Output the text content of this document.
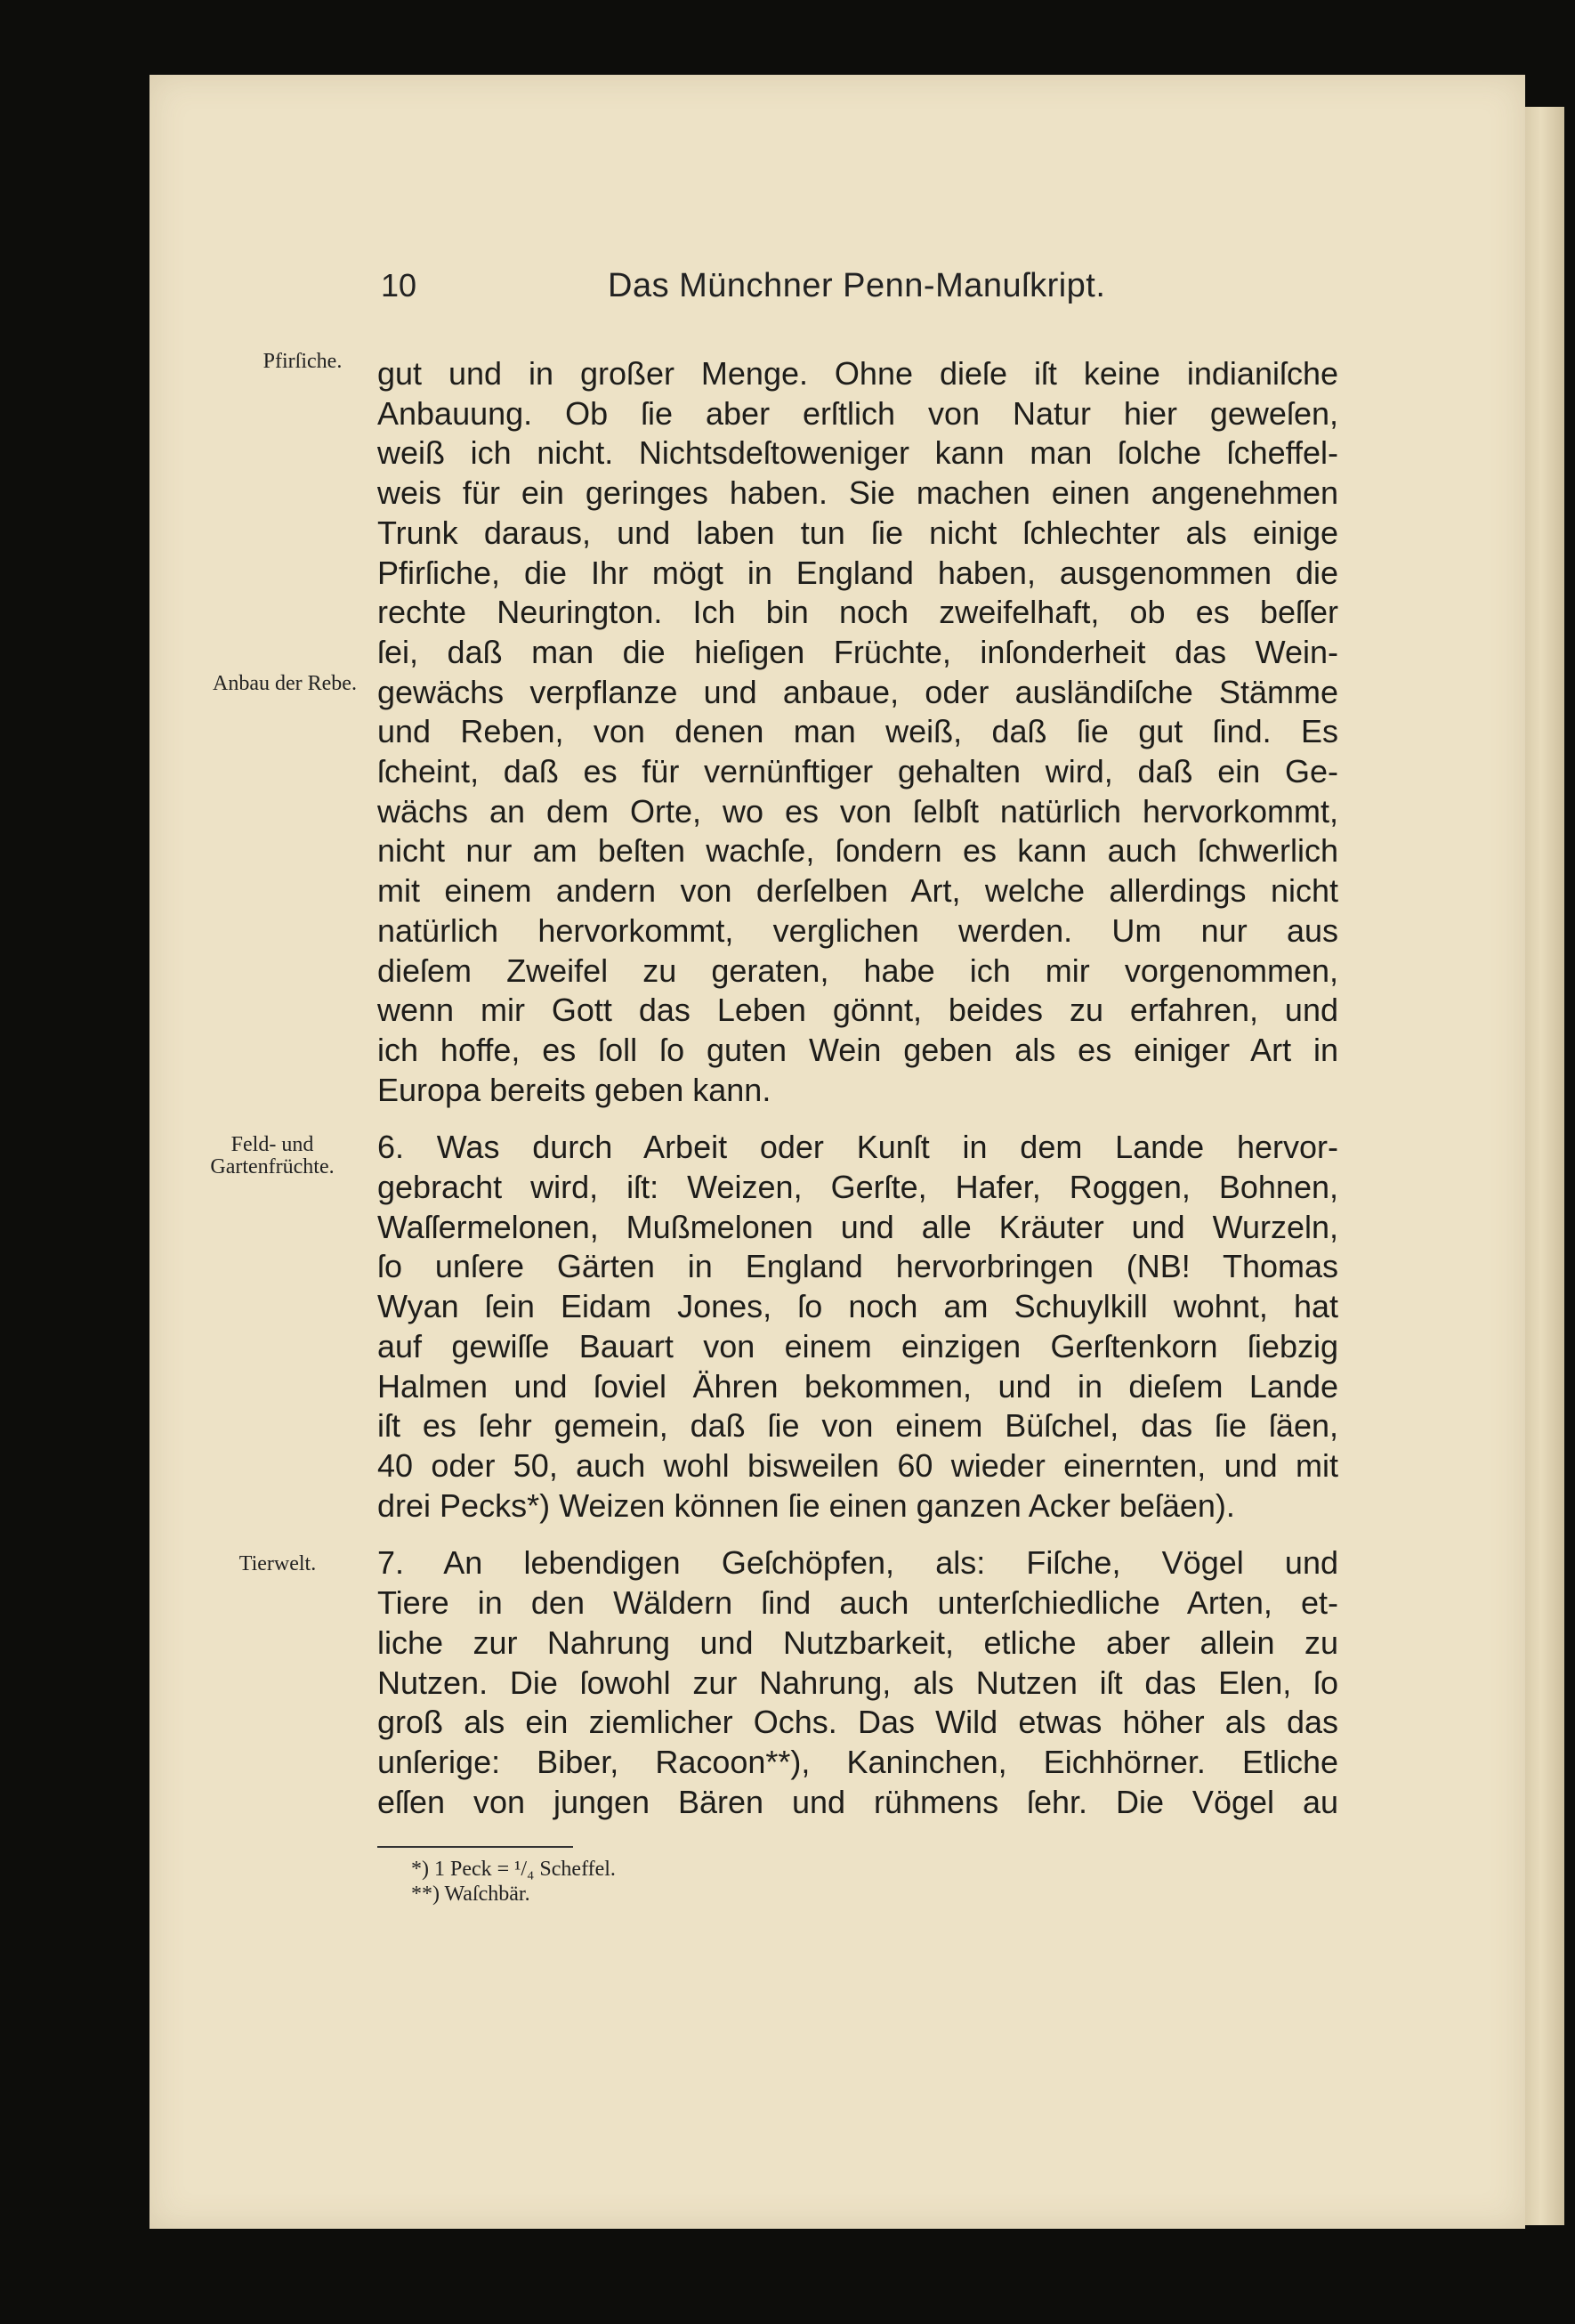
10	Das Münchner Penn-Manuſkript.
Pfirſiche.
Anbau der Rebe.
Feld- und Gartenfrüchte.
Tierwelt.
gut und in großer Menge. Ohne dieſe iſt keine indianiſche
Anbauung. Ob ſie aber erſtlich von Natur hier geweſen,
weiß ich nicht. Nichtsdeſtoweniger kann man ſolche ſcheffel-
weis für ein geringes haben. Sie machen einen angenehmen
Trunk daraus, und laben tun ſie nicht ſchlechter als einige
Pfirſiche, die Ihr mögt in England haben, ausgenommen die
rechte Neurington. Ich bin noch zweifelhaft, ob es beſſer
ſei, daß man die hieſigen Früchte, inſonderheit das Wein-
gewächs verpflanze und anbaue, oder ausländiſche Stämme
und Reben, von denen man weiß, daß ſie gut ſind. Es
ſcheint, daß es für vernünftiger gehalten wird, daß ein Ge-
wächs an dem Orte, wo es von ſelbſt natürlich hervorkommt,
nicht nur am beſten wachſe, ſondern es kann auch ſchwerlich
mit einem andern von derſelben Art, welche allerdings nicht
natürlich hervorkommt, verglichen werden. Um nur aus
dieſem Zweifel zu geraten, habe ich mir vorgenommen,
wenn mir Gott das Leben gönnt, beides zu erfahren, und
ich hoffe, es ſoll ſo guten Wein geben als es einiger Art in
Europa bereits geben kann.
6. Was durch Arbeit oder Kunſt in dem Lande hervor-
gebracht wird, iſt: Weizen, Gerſte, Hafer, Roggen, Bohnen,
Waſſermelonen, Mußmelonen und alle Kräuter und Wurzeln,
ſo unſere Gärten in England hervorbringen (NB! Thomas
Wyan ſein Eidam Jones, ſo noch am Schuylkill wohnt, hat
auf gewiſſe Bauart von einem einzigen Gerſtenkorn ſiebzig
Halmen und ſoviel Ähren bekommen, und in dieſem Lande
iſt es ſehr gemein, daß ſie von einem Büſchel, das ſie ſäen,
40 oder 50, auch wohl bisweilen 60 wieder einernten, und mit
drei Pecks*) Weizen können ſie einen ganzen Acker beſäen).
7. An lebendigen Geſchöpfen, als: Fiſche, Vögel und
Tiere in den Wäldern ſind auch unterſchiedliche Arten, et-
liche zur Nahrung und Nutzbarkeit, etliche aber allein zu
Nutzen. Die ſowohl zur Nahrung, als Nutzen iſt das Elen, ſo
groß als ein ziemlicher Ochs. Das Wild etwas höher als das
unſerige: Biber, Racoon**), Kaninchen, Eichhörner. Etliche
eſſen von jungen Bären und rühmens ſehr. Die Vögel au
*) 1 Peck = ¹/₄ Scheffel.
**) Waſchbär.
